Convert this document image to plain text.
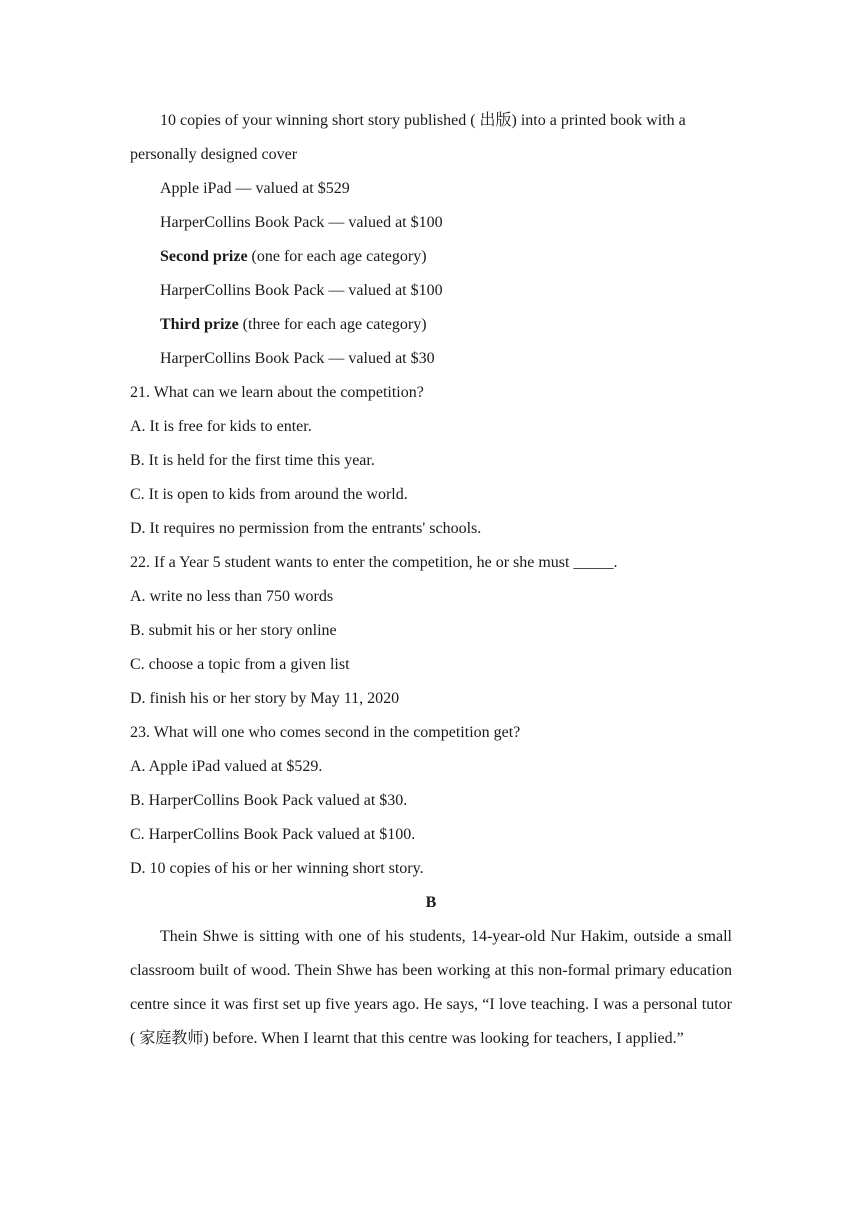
10 copies of your winning short story published ( 出版) into a printed book with a personally designed cover

Apple iPad — valued at $529
HarperCollins Book Pack — valued at $100
Second prize (one for each age category)
HarperCollins Book Pack — valued at $100
Third prize (three for each age category)
HarperCollins Book Pack — valued at $30
21. What can we learn about the competition?
A. It is free for kids to enter.
B. It is held for the first time this year.
C. It is open to kids from around the world.
D. It requires no permission from the entrants' schools.
22. If a Year 5 student wants to enter the competition, he or she must _____.
A. write no less than 750 words
B. submit his or her story online
C. choose a topic from a given list
D. finish his or her story by May 11, 2020
23. What will one who comes second in the competition get?
A. Apple iPad valued at $529.
B. HarperCollins Book Pack valued at $30.
C. HarperCollins Book Pack valued at $100.
D. 10 copies of his or her winning short story.
B

Thein Shwe is sitting with one of his students, 14-year-old Nur Hakim, outside a small classroom built of wood. Thein Shwe has been working at this non-formal primary education centre since it was first set up five years ago. He says, “I love teaching. I was a personal tutor ( 家庭教师) before. When I learnt that this centre was looking for teachers, I applied.”
